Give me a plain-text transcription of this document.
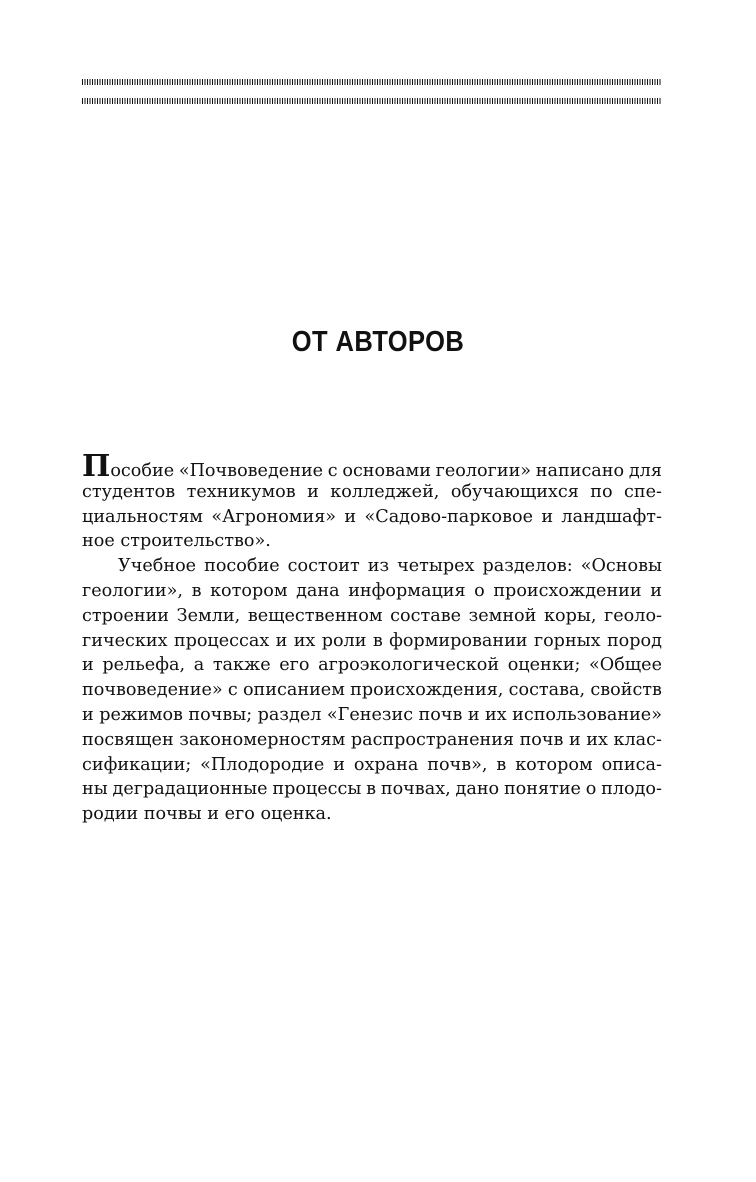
ОТ АВТОРОВ
Пособие «Почвоведение с основами геологии» написано для
студентов техникумов и колледжей, обучающихся по спе-
циальностям «Агрономия» и «Садово-парковое и ландшафт-
ное строительство».
Учебное пособие состоит из четырех разделов: «Основы
геологии», в котором дана информация о происхождении и
строении Земли, вещественном составе земной коры, геоло-
гических процессах и их роли в формировании горных пород
и рельефа, а также его агроэкологической оценки; «Общее
почвоведение» с описанием происхождения, состава, свойств
и режимов почвы; раздел «Генезис почв и их использование»
посвящен закономерностям распространения почв и их клас-
сификации; «Плодородие и охрана почв», в котором описа-
ны деградационные процессы в почвах, дано понятие о плодо-
родии почвы и его оценка.
